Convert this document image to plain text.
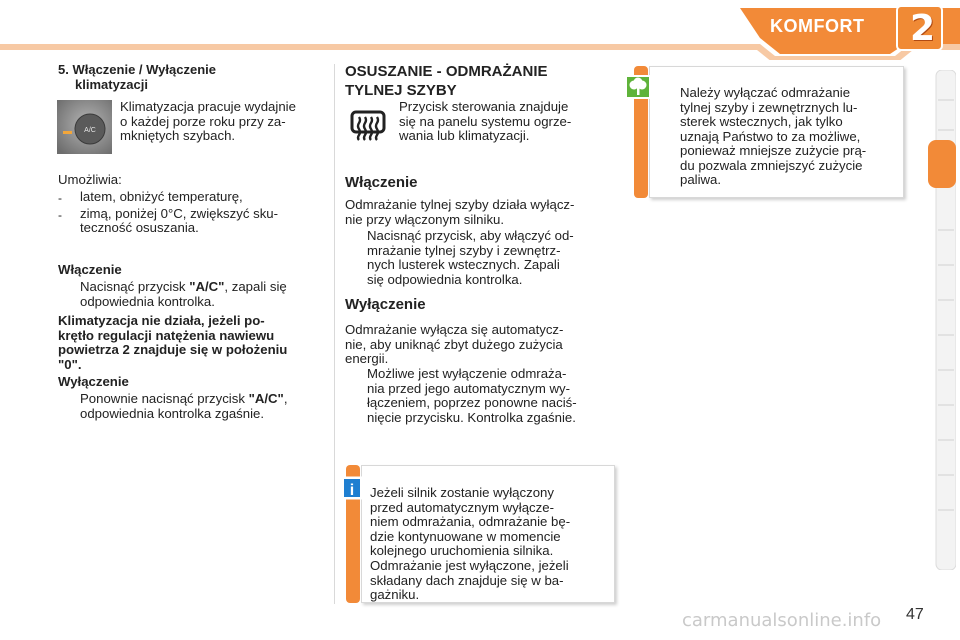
KOMFORT 2
5. Włączenie / Wyłączenie
klimatyzacji
A/C
Klimatyzacja pracuje wydajnie
o każdej porze roku przy za-
mkniętych szybach.
Umożliwia:
-	latem, obniżyć temperaturę,
-	zimą, poniżej 0°C, zwiększyć sku-
teczność osuszania.
Włączenie
Nacisnąć przycisk "A/C", zapali się
odpowiednia kontrolka.
Klimatyzacja nie działa, jeżeli po-
krętło regulacji natężenia nawiewu
powietrza 2 znajduje się w położeniu
"0".
Wyłączenie
Ponownie nacisnąć przycisk "A/C",
odpowiednia kontrolka zgaśnie.
OSUSZANIE - ODMRAŻANIE
TYLNEJ SZYBY
Przycisk sterowania znajduje
się na panelu systemu ogrze-
wania lub klimatyzacji.
Włączenie
Odmrażanie tylnej szyby działa wyłącz-
nie przy włączonym silniku.
Nacisnąć przycisk, aby włączyć od-
mrażanie tylnej szyby i zewnętrz-
nych lusterek wstecznych. Zapali
się odpowiednia kontrolka.
Wyłączenie
Odmrażanie wyłącza się automatycz-
nie, aby uniknąć zbyt dużego zużycia
energii.
Możliwe jest wyłączenie odmraża-
nia przed jego automatycznym wy-
łączeniem, poprzez ponowne naciś-
nięcie przycisku. Kontrolka zgaśnie.
i Jeżeli silnik zostanie wyłączony
przed automatycznym wyłącze-
niem odmrażania, odmrażanie bę-
dzie kontynuowane w momencie
kolejnego uruchomienia silnika.
Odmrażanie jest wyłączone, jeżeli
składany dach znajduje się w ba-
gażniku.
Należy wyłączać odmrażanie
tylnej szyby i zewnętrznych lu-
sterek wstecznych, jak tylko
uznają Państwo to za możliwe,
ponieważ mniejsze zużycie prą-
du pozwala zmniejszyć zużycie
paliwa.
carmanualsonline.info 47
